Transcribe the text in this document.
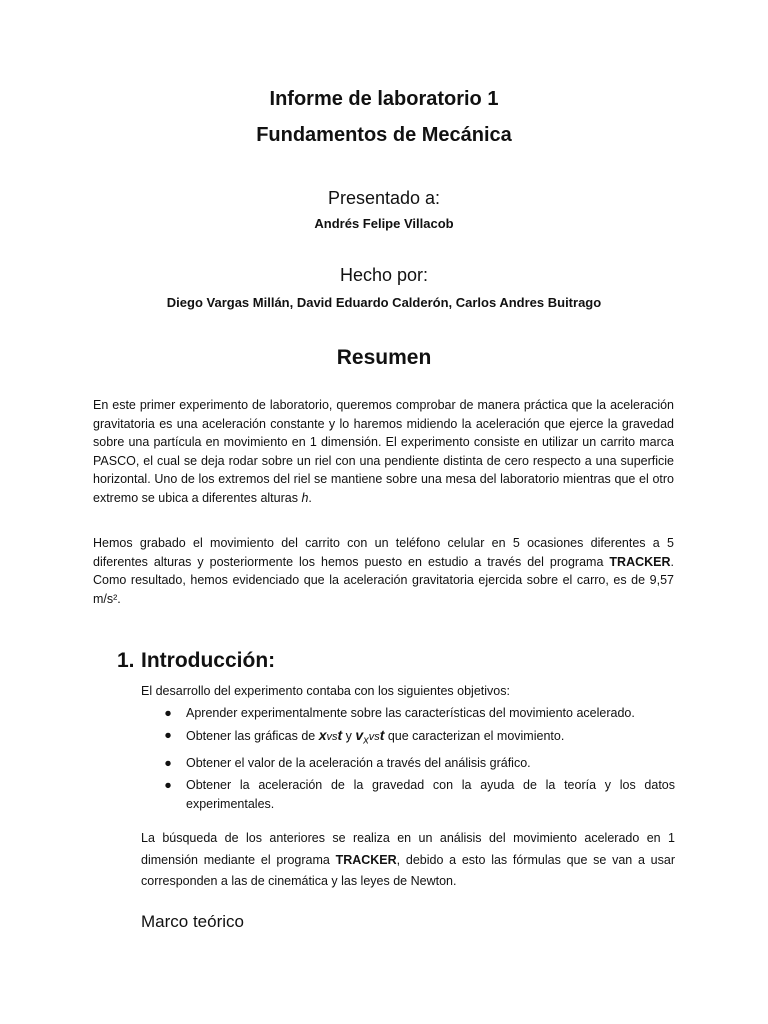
Informe de laboratorio 1
Fundamentos de Mecánica
Presentado a:
Andrés Felipe Villacob
Hecho por:
Diego Vargas Millán, David Eduardo Calderón, Carlos Andres Buitrago
Resumen
En este primer experimento de laboratorio, queremos comprobar de manera práctica que la aceleración gravitatoria es una aceleración constante y lo haremos midiendo la aceleración que ejerce la gravedad sobre una partícula en movimiento en 1 dimensión. El experimento consiste en utilizar un carrito marca PASCO, el cual se deja rodar sobre un riel con una pendiente distinta de cero respecto a una superficie horizontal. Uno de los extremos del riel se mantiene sobre una mesa del laboratorio mientras que el otro extremo se ubica a diferentes alturas h.
Hemos grabado el movimiento del carrito con un teléfono celular en 5 ocasiones diferentes a 5 diferentes alturas y posteriormente los hemos puesto en estudio a través del programa TRACKER. Como resultado, hemos evidenciado que la aceleración gravitatoria ejercida sobre el carro, es de 9,57 m/s².
1. Introducción:
El desarrollo del experimento contaba con los siguientes objetivos:
● Aprender experimentalmente sobre las características del movimiento acelerado.
● Obtener las gráficas de xvst y $v_xvst$ que caracterizan el movimiento.
● Obtener el valor de la aceleración a través del análisis gráfico.
● Obtener la aceleración de la gravedad con la ayuda de la teoría y los datos experimentales.
La búsqueda de los anteriores se realiza en un análisis del movimiento acelerado en 1 dimensión mediante el programa TRACKER, debido a esto las fórmulas que se van a usar corresponden a las de cinemática y las leyes de Newton.
Marco teórico
